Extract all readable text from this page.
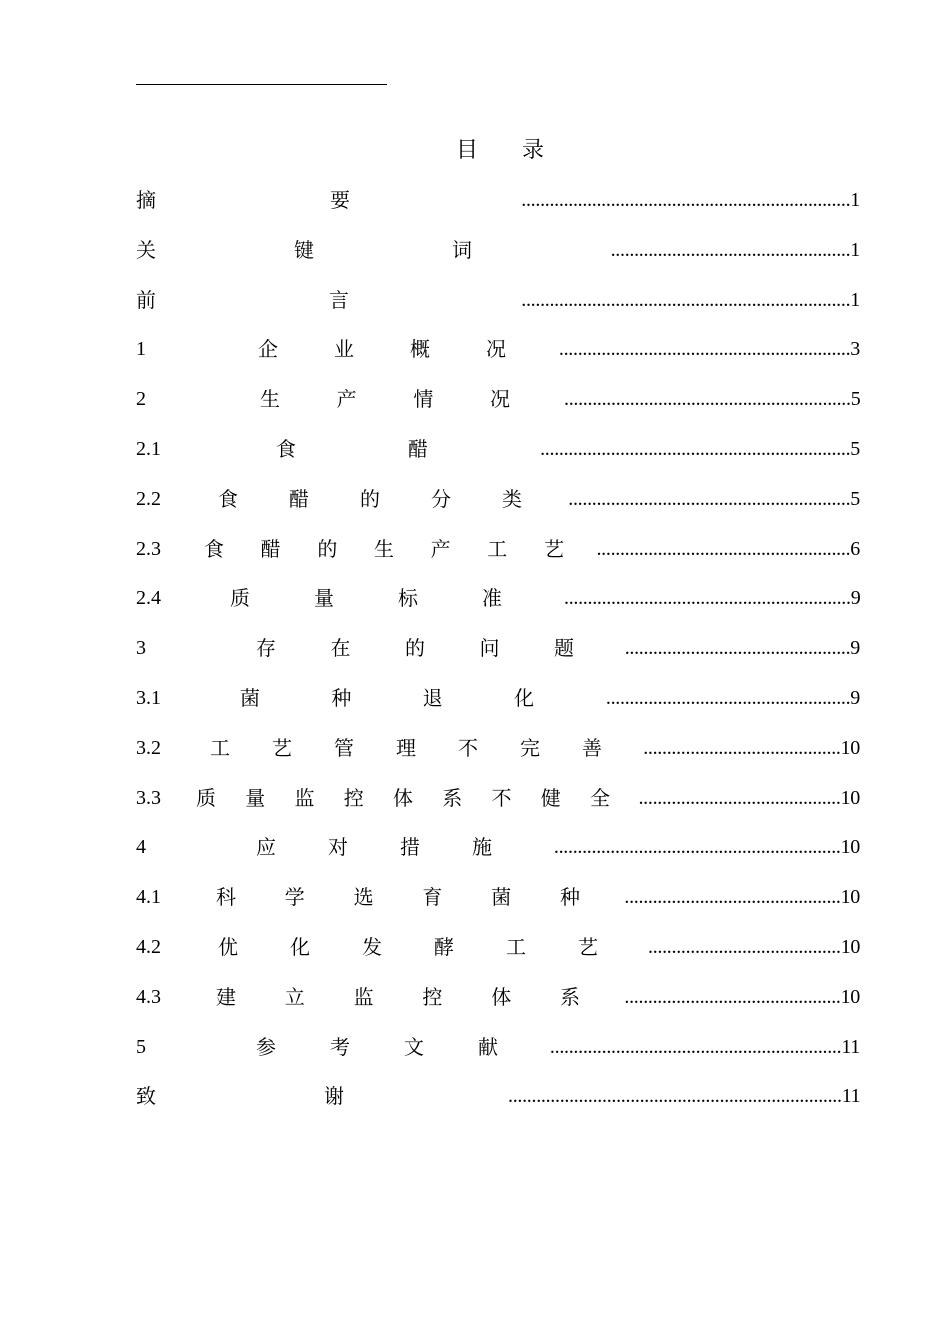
目 录
摘	要	......................................................................1
关	键	词	...................................................1
前	言	......................................................................1
1	企	业	概	况	..............................................................3
2	生	产	情	况	.............................................................5
2.1	食	醋	..................................................................5
2.2	食	醋	的	分	类 ............................................................5
2.3	食 醋 的 生 产 工 艺 ......................................................6
2.4	质	量	标	准	.............................................................9
3	存	在	的	问	题	................................................9
3.1	菌	种	退	化	....................................................9
3.2	工 艺 管 理 不 完 善 ..........................................10
3.3	质 量 监 控 体 系 不 健 全 ...........................................10
4	应	对	措	施	.............................................................10
4.1	科 学 选 育 菌 种 ..............................................10
4.2	优	化	发	酵	工	艺	.........................................10
4.3	建 立 监 控 体 系 ..............................................10
5	参	考	文	献	..............................................................11
致	谢	.......................................................................11
